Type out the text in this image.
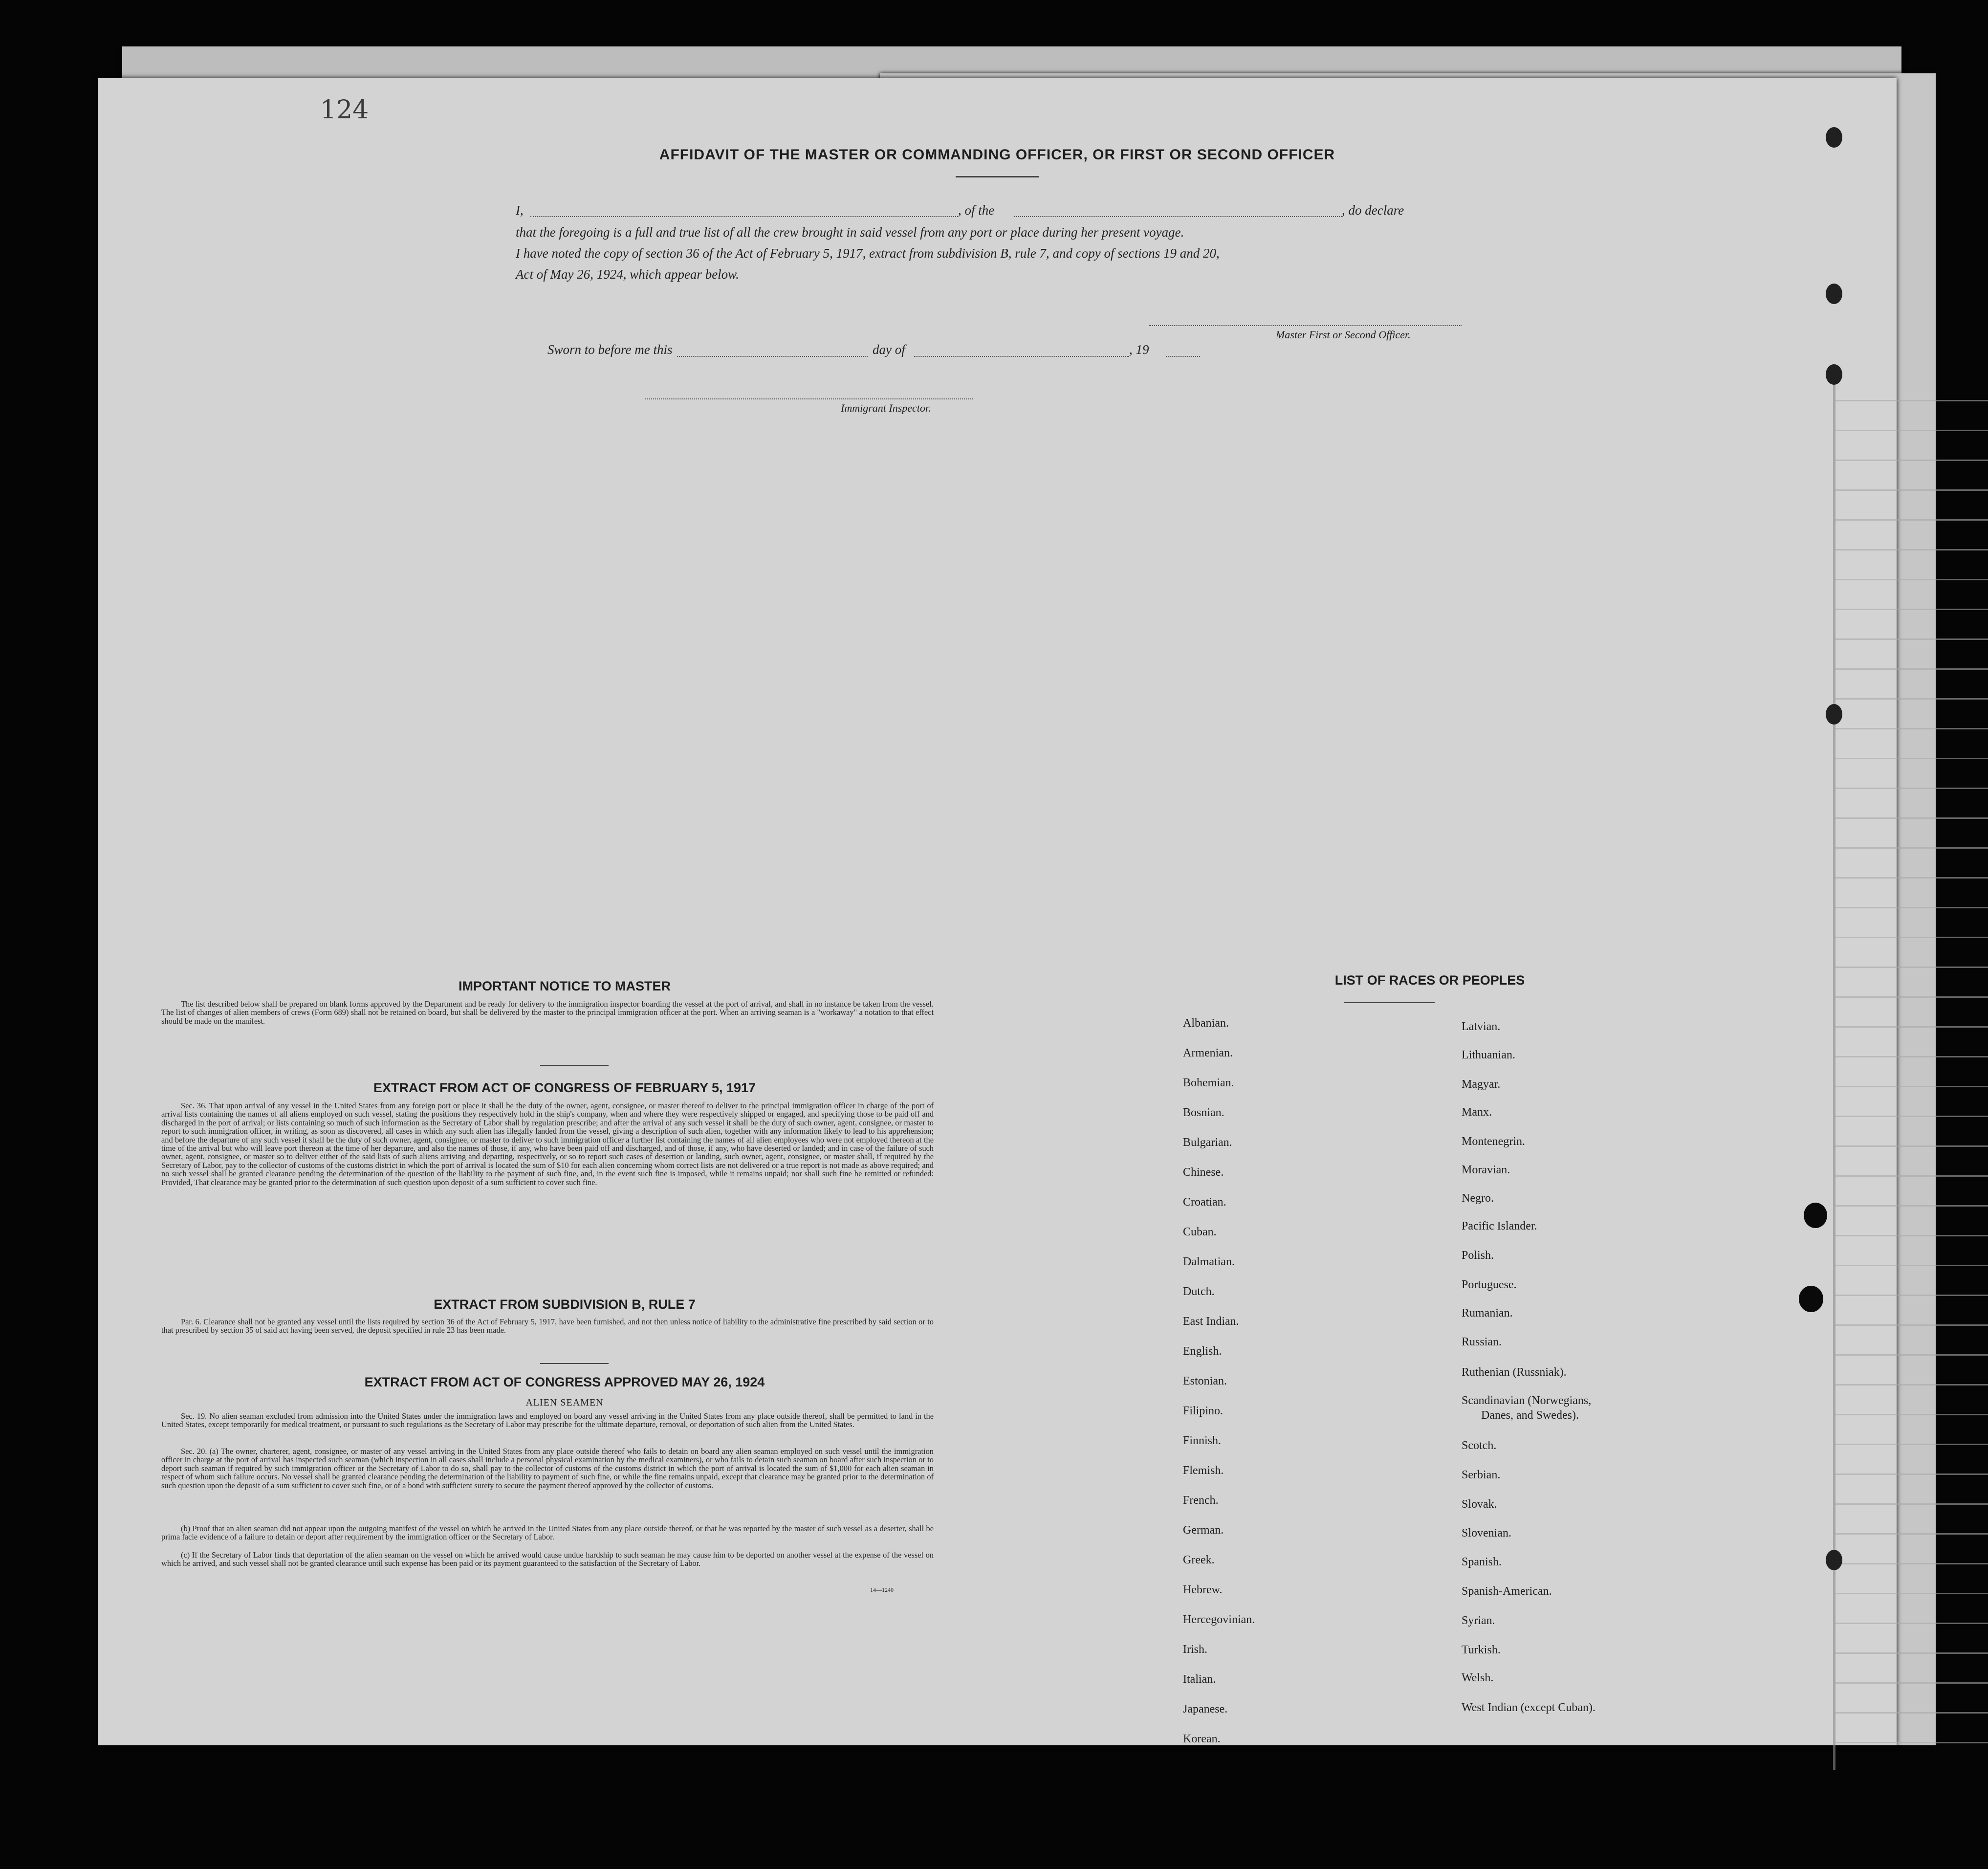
124
AFFIDAVIT OF THE MASTER OR COMMANDING OFFICER, OR FIRST OR SECOND OFFICER
I,	, of the	, do declare
that the foregoing is a full and true list of all the crew brought in said vessel from any port or place during her present voyage.
I have noted the copy of section 36 of the Act of February 5, 1917, extract from subdivision B, rule 7, and copy of sections 19 and 20,
Act of May 26, 1924, which appear below.
Master First or Second Officer.
Sworn to before me this	day of	, 19
Immigrant Inspector.
IMPORTANT NOTICE TO MASTER
The list described below shall be prepared on blank forms approved by the Department and be ready for delivery to the immigration inspector boarding the vessel at the port of arrival, and shall in no instance be taken from the vessel. The list of changes of alien members of crews (Form 689) shall not be retained on board, but shall be delivered by the master to the principal immigration officer at the port. When an arriving seaman is a "workaway" a notation to that effect should be made on the manifest.
EXTRACT FROM ACT OF CONGRESS OF FEBRUARY 5, 1917
Sec. 36. That upon arrival of any vessel in the United States from any foreign port or place it shall be the duty of the owner, agent, consignee, or master thereof to deliver to the principal immigration officer in charge of the port of arrival lists containing the names of all aliens employed on such vessel, stating the positions they respectively hold in the ship's company, when and where they were respectively shipped or engaged, and specifying those to be paid off and discharged in the port of arrival; or lists containing so much of such information as the Secretary of Labor shall by regulation prescribe; and after the arrival of any such vessel it shall be the duty of such owner, agent, consignee, or master to report to such immigration officer, in writing, as soon as discovered, all cases in which any such alien has illegally landed from the vessel, giving a description of such alien, together with any information likely to lead to his apprehension; and before the departure of any such vessel it shall be the duty of such owner, agent, consignee, or master to deliver to such immigration officer a further list containing the names of all alien employees who were not employed thereon at the time of the arrival but who will leave port thereon at the time of her departure, and also the names of those, if any, who have been paid off and discharged, and of those, if any, who have deserted or landed; and in case of the failure of such owner, agent, consignee, or master so to deliver either of the said lists of such aliens arriving and departing, respectively, or so to report such cases of desertion or landing, such owner, agent, consignee, or master shall, if required by the Secretary of Labor, pay to the collector of customs of the customs district in which the port of arrival is located the sum of $10 for each alien concerning whom correct lists are not delivered or a true report is not made as above required; and no such vessel shall be granted clearance pending the determination of the question of the liability to the payment of such fine, and, in the event such fine is imposed, while it remains unpaid; nor shall such fine be remitted or refunded: Provided, That clearance may be granted prior to the determination of such question upon deposit of a sum sufficient to cover such fine.
EXTRACT FROM SUBDIVISION B, RULE 7
Par. 6. Clearance shall not be granted any vessel until the lists required by section 36 of the Act of February 5, 1917, have been furnished, and not then unless notice of liability to the administrative fine prescribed by said section or to that prescribed by section 35 of said act having been served, the deposit specified in rule 23 has been made.
EXTRACT FROM ACT OF CONGRESS APPROVED MAY 26, 1924
ALIEN SEAMEN
Sec. 19. No alien seaman excluded from admission into the United States under the immigration laws and employed on board any vessel arriving in the United States from any place outside thereof, shall be permitted to land in the United States, except temporarily for medical treatment, or pursuant to such regulations as the Secretary of Labor may prescribe for the ultimate departure, removal, or deportation of such alien from the United States.
Sec. 20. (a) The owner, charterer, agent, consignee, or master of any vessel arriving in the United States from any place outside thereof who fails to detain on board any alien seaman employed on such vessel until the immigration officer in charge at the port of arrival has inspected such seaman (which inspection in all cases shall include a personal physical examination by the medical examiners), or who fails to detain such seaman on board after such inspection or to deport such seaman if required by such immigration officer or the Secretary of Labor to do so, shall pay to the collector of customs of the customs district in which the port of arrival is located the sum of $1,000 for each alien seaman in respect of whom such failure occurs. No vessel shall be granted clearance pending the determination of the liability to payment of such fine, or while the fine remains unpaid, except that clearance may be granted prior to the determination of such question upon the deposit of a sum sufficient to cover such fine, or of a bond with sufficient surety to secure the payment thereof approved by the collector of customs.
(b) Proof that an alien seaman did not appear upon the outgoing manifest of the vessel on which he arrived in the United States from any place outside thereof, or that he was reported by the master of such vessel as a deserter, shall be prima facie evidence of a failure to detain or deport after requirement by the immigration officer or the Secretary of Labor.
(c) If the Secretary of Labor finds that deportation of the alien seaman on the vessel on which he arrived would cause undue hardship to such seaman he may cause him to be deported on another vessel at the expense of the vessel on which he arrived, and such vessel shall not be granted clearance until such expense has been paid or its payment guaranteed to the satisfaction of the Secretary of Labor.
14—1240
LIST OF RACES OR PEOPLES
Albanian.
Armenian.
Bohemian.
Bosnian.
Bulgarian.
Chinese.
Croatian.
Cuban.
Dalmatian.
Dutch.
East Indian.
English.
Estonian.
Filipino.
Finnish.
Flemish.
French.
German.
Greek.
Hebrew.
Hercegovinian.
Irish.
Italian.
Japanese.
Korean.
Latvian.
Lithuanian.
Magyar.
Manx.
Montenegrin.
Moravian.
Negro.
Pacific Islander.
Polish.
Portuguese.
Rumanian.
Russian.
Ruthenian (Russniak).
Scandinavian (Norwegians,
Danes, and Swedes).
Scotch.
Serbian.
Slovak.
Slovenian.
Spanish.
Spanish-American.
Syrian.
Turkish.
Welsh.
West Indian (except Cuban).
